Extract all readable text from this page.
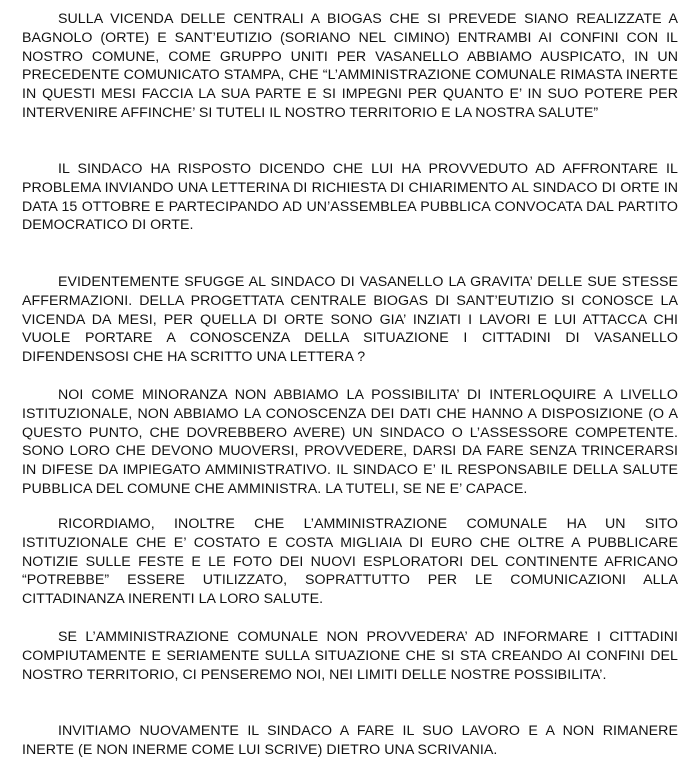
SULLA VICENDA DELLE CENTRALI A BIOGAS CHE SI PREVEDE SIANO REALIZZATE A BAGNOLO (ORTE) E SANT’EUTIZIO (SORIANO NEL CIMINO) ENTRAMBI AI CONFINI CON IL NOSTRO COMUNE, COME GRUPPO UNITI PER VASANELLO ABBIAMO AUSPICATO, IN UN PRECEDENTE COMUNICATO STAMPA, CHE “L’AMMINISTRAZIONE COMUNALE RIMASTA INERTE IN QUESTI MESI FACCIA LA SUA PARTE E SI IMPEGNI PER QUANTO E’ IN SUO POTERE PER INTERVENIRE AFFINCHE’ SI TUTELI IL NOSTRO TERRITORIO E LA NOSTRA SALUTE”

IL SINDACO HA RISPOSTO DICENDO CHE LUI HA PROVVEDUTO AD AFFRONTARE IL PROBLEMA INVIANDO UNA LETTERINA DI RICHIESTA DI CHIARIMENTO AL SINDACO DI ORTE IN DATA 15 OTTOBRE E PARTECIPANDO AD UN’ASSEMBLEA PUBBLICA CONVOCATA DAL PARTITO DEMOCRATICO DI ORTE.

EVIDENTEMENTE SFUGGE AL SINDACO DI VASANELLO LA GRAVITA’ DELLE SUE STESSE AFFERMAZIONI. DELLA PROGETTATA CENTRALE BIOGAS DI SANT’EUTIZIO SI CONOSCE LA VICENDA DA MESI, PER QUELLA DI ORTE SONO GIA’ INZIATI I LAVORI E LUI ATTACCA CHI VUOLE PORTARE A CONOSCENZA DELLA SITUAZIONE I CITTADINI DI VASANELLO DIFENDENSOSI CHE HA SCRITTO UNA LETTERA ?

NOI COME MINORANZA NON ABBIAMO LA POSSIBILITA’ DI INTERLOQUIRE A LIVELLO ISTITUZIONALE, NON ABBIAMO LA CONOSCENZA DEI DATI CHE HANNO A DISPOSIZIONE (O A QUESTO PUNTO, CHE DOVREBBERO AVERE) UN SINDACO O L’ASSESSORE COMPETENTE. SONO LORO CHE DEVONO MUOVERSI, PROVVEDERE, DARSI DA FARE SENZA TRINCERARSI IN DIFESE DA IMPIEGATO AMMINISTRATIVO. IL SINDACO E’ IL RESPONSABILE DELLA SALUTE PUBBLICA DEL COMUNE CHE AMMINISTRA. LA TUTELI, SE NE E’ CAPACE.

RICORDIAMO, INOLTRE CHE L’AMMINISTRAZIONE COMUNALE HA UN SITO ISTITUZIONALE CHE E’ COSTATO E COSTA MIGLIAIA DI EURO CHE OLTRE A PUBBLICARE NOTIZIE SULLE FESTE E LE FOTO DEI NUOVI ESPLORATORI DEL CONTINENTE AFRICANO “POTREBBE” ESSERE UTILIZZATO, SOPRATTUTTO PER LE COMUNICAZIONI ALLA CITTADINANZA INERENTI LA LORO SALUTE.

SE L’AMMINISTRAZIONE COMUNALE NON PROVVEDERA’ AD INFORMARE I CITTADINI COMPIUTAMENTE E SERIAMENTE SULLA SITUAZIONE CHE SI STA CREANDO AI CONFINI DEL NOSTRO TERRITORIO, CI PENSEREMO NOI, NEI LIMITI DELLE NOSTRE POSSIBILITA’.

INVITIAMO NUOVAMENTE IL SINDACO A FARE IL SUO LAVORO E A NON RIMANERE INERTE (E NON INERME COME LUI SCRIVE) DIETRO UNA SCRIVANIA.
